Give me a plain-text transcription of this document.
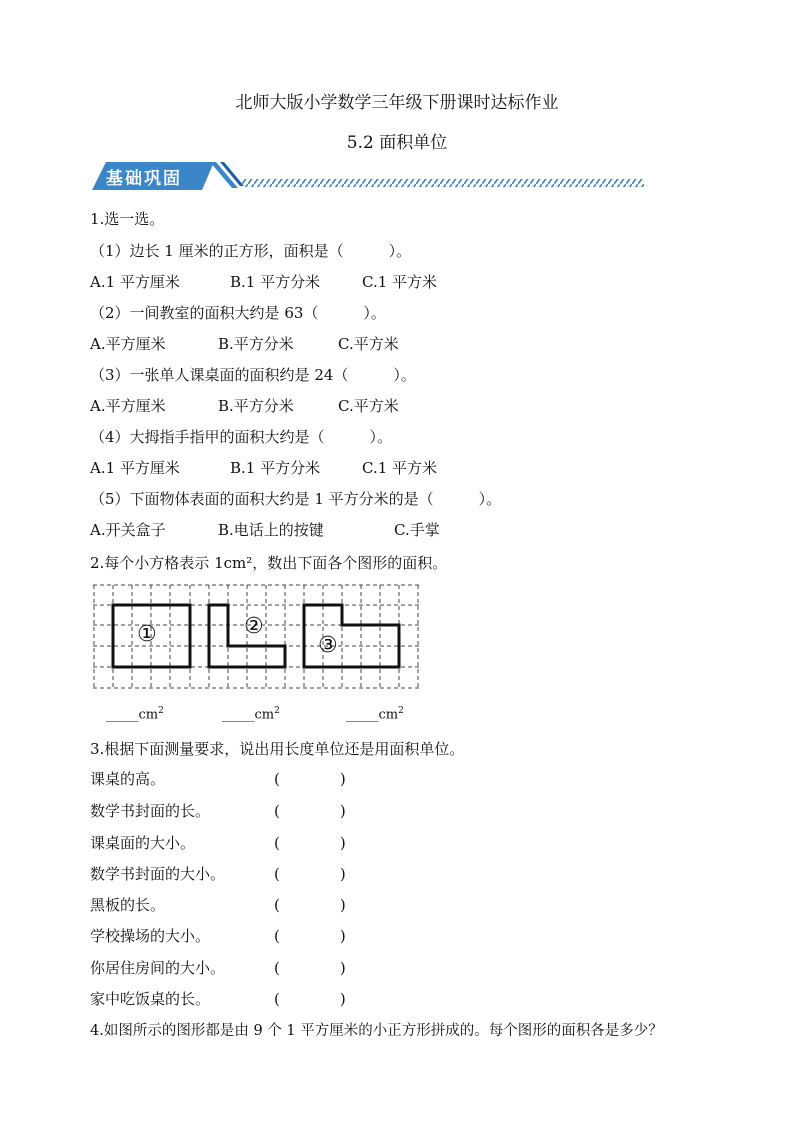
北师大版小学数学三年级下册课时达标作业
5.2 面积单位
基础巩固
1.选一选。
（1）边长 1 厘米的正方形，面积是（　　　）。
A.1 平方厘米	B.1 平方分米	C.1 平方米
（2）一间教室的面积大约是 63（　　　）。
A.平方厘米	B.平方分米	C.平方米
（3）一张单人课桌面的面积约是 24（　　　）。
A.平方厘米	B.平方分米	C.平方米
（4）大拇指手指甲的面积大约是（　　　）。
A.1 平方厘米	B.1 平方分米	C.1 平方米
（5）下面物体表面的面积大约是 1 平方分米的是（　　　）。
A.开关盒子	B.电话上的按键	C.手掌
2.每个小方格表示 1cm²，数出下面各个图形的面积。
①	②
③
$\_\_\_\_\_cm^2$	$\_\_\_\_\_cm^2$	$\_\_\_\_\_cm^2$
3.根据下面测量要求，说出用长度单位还是用面积单位。
课桌的高。	(　　　　)
数学书封面的长。	(　　　　)
课桌面的大小。	(　　　　)
数学书封面的大小。	(　　　　)
黑板的长。	(　　　　)
学校操场的大小。	(　　　　)
你居住房间的大小。	(　　　　)
家中吃饭桌的长。	(　　　　)
4.如图所示的图形都是由 9 个 1 平方厘米的小正方形拼成的。每个图形的面积各是多少？
